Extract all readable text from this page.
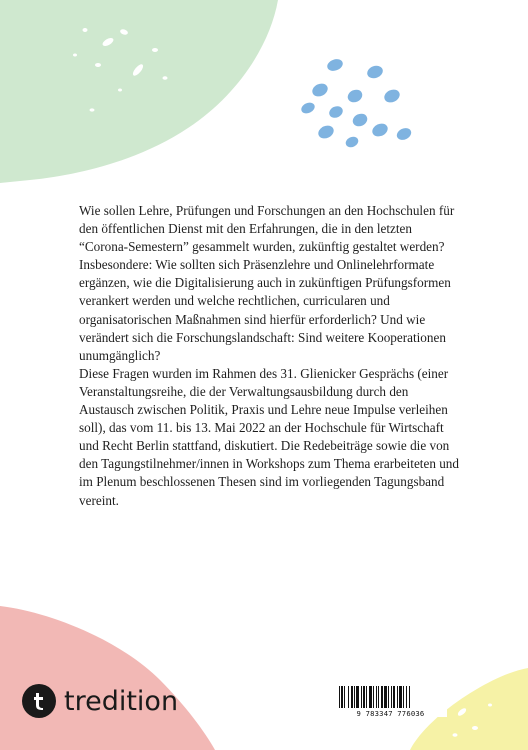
Wie sollen Lehre, Prüfungen und Forschungen an den Hochschulen für den öffentlichen Dienst mit den Erfahrungen, die in den letzten “Corona-Semestern” gesammelt wurden, zukünftig gestaltet werden? Insbesondere: Wie sollten sich Präsenzlehre und Onlinelehrformate ergänzen, wie die Digitalisierung auch in zukünftigen Prüfungsformen verankert werden und welche rechtlichen, curricularen und organisatorischen Maßnahmen sind hierfür erforderlich? Und wie verändert sich die Forschungslandschaft: Sind weitere Kooperationen unumgänglich?

Diese Fragen wurden im Rahmen des 31. Glienicker Gesprächs (einer Veranstaltungsreihe, die der Verwaltungsausbildung durch den Austausch zwischen Politik, Praxis und Lehre neue Impulse verleihen soll), das vom 11. bis 13. Mai 2022 an der Hochschule für Wirtschaft und Recht Berlin stattfand, diskutiert. Die Redebeiträge sowie die von den Tagungstilnehmer/innen in Workshops zum Thema erarbeiteten und im Plenum beschlossenen Thesen sind im vorliegenden Tagungsband vereint.

tredition	9 783347 776036
